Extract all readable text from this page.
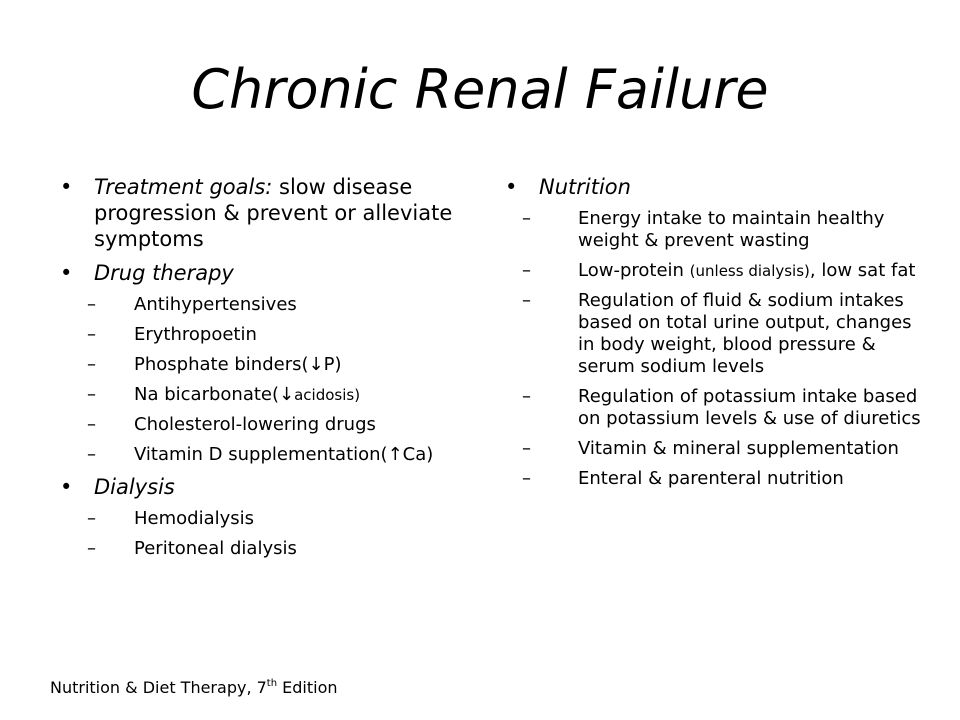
Chronic Renal Failure
• Treatment goals: slow disease progression & prevent or alleviate symptoms
• Drug therapy
– Antihypertensives
– Erythropoetin
– Phosphate binders(↓P)
– Na bicarbonate(↓acidosis)
– Cholesterol-lowering drugs
– Vitamin D supplementation(↑Ca)
• Dialysis
– Hemodialysis
– Peritoneal dialysis
• Nutrition
– Energy intake to maintain healthy weight & prevent wasting
– Low-protein (unless dialysis), low sat fat
– Regulation of fluid & sodium intakes based on total urine output, changes in body weight, blood pressure & serum sodium levels
– Regulation of potassium intake based on potassium levels & use of diuretics
– Vitamin & mineral supplementation
– Enteral & parenteral nutrition
Nutrition & Diet Therapy, 7th Edition
